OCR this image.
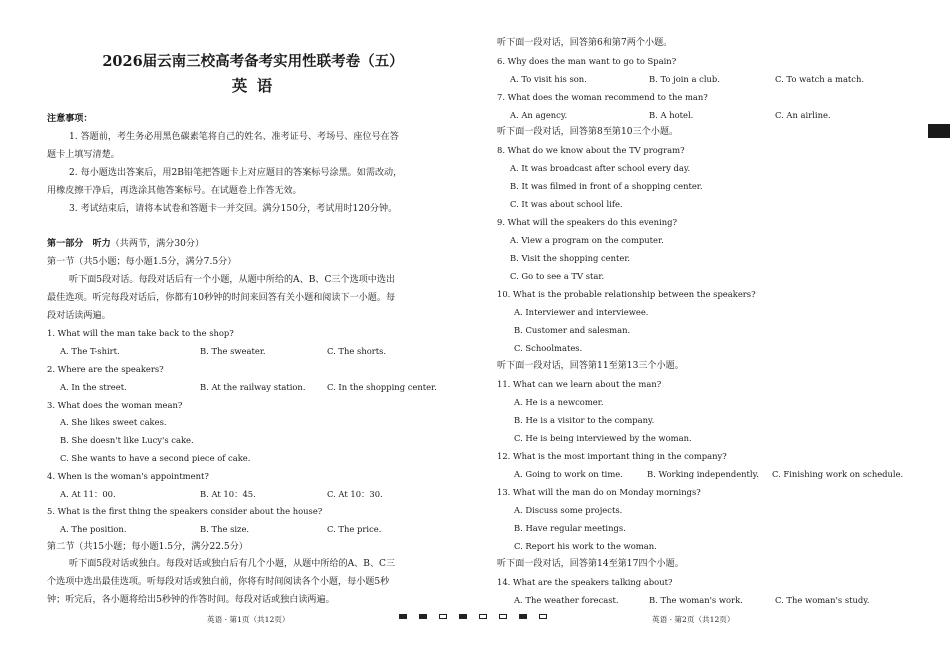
2026届云南三校高考备考实用性联考卷（五）
英 语
注意事项：
1. 答题前，考生务必用黑色碳素笔将自己的姓名、准考证号、考场号、座位号在答
题卡上填写清楚。
2. 每小题选出答案后，用2B铅笔把答题卡上对应题目的答案标号涂黑。如需改动，
用橡皮擦干净后，再选涂其他答案标号。在试题卷上作答无效。
3. 考试结束后，请将本试卷和答题卡一并交回。满分150分，考试用时120分钟。
第一部分　听力（共两节，满分30分）
第一节（共5小题；每小题1.5分，满分7.5分）
听下面5段对话。每段对话后有一个小题，从题中所给的A、B、C三个选项中选出
最佳选项。听完每段对话后，你都有10秒钟的时间来回答有关小题和阅读下一小题。每
段对话读两遍。
1. What will the man take back to the shop?
A. The T-shirt.	B. The sweater.	C. The shorts.
2. Where are the speakers?
A. In the street.	B. At the railway station.	C. In the shopping center.
3. What does the woman mean?
A. She likes sweet cakes.
B. She doesn't like Lucy's cake.
C. She wants to have a second piece of cake.
4. When is the woman's appointment?
A. At 11：00.	B. At 10：45.	C. At 10：30.
5. What is the first thing the speakers consider about the house?
A. The position.	B. The size.	C. The price.
第二节（共15小题；每小题1.5分，满分22.5分）
听下面5段对话或独白。每段对话或独白后有几个小题，从题中所给的A、B、C三
个选项中选出最佳选项。听每段对话或独白前，你将有时间阅读各个小题，每小题5秒
钟；听完后，各小题将给出5秒钟的作答时间。每段对话或独白读两遍。
英语 · 第1页（共12页）
听下面一段对话，回答第6和第7两个小题。
6. Why does the man want to go to Spain?
A. To visit his son.	B. To join a club.	C. To watch a match.
7. What does the woman recommend to the man?
A. An agency.	B. A hotel.	C. An airline.
听下面一段对话，回答第8至第10三个小题。
8. What do we know about the TV program?
A. It was broadcast after school every day.
B. It was filmed in front of a shopping center.
C. It was about school life.
9. What will the speakers do this evening?
A. View a program on the computer.
B. Visit the shopping center.
C. Go to see a TV star.
10. What is the probable relationship between the speakers?
A. Interviewer and interviewee.
B. Customer and salesman.
C. Schoolmates.
听下面一段对话，回答第11至第13三个小题。
11. What can we learn about the man?
A. He is a newcomer.
B. He is a visitor to the company.
C. He is being interviewed by the woman.
12. What is the most important thing in the company?
A. Going to work on time.	B. Working independently. C. Finishing work on schedule.
13. What will the man do on Monday mornings?
A. Discuss some projects.
B. Have regular meetings.
C. Report his work to the woman.
听下面一段对话，回答第14至第17四个小题。
14. What are the speakers talking about?
A. The weather forecast.	B. The woman's work.	C. The woman's study.
英语 · 第2页（共12页）
